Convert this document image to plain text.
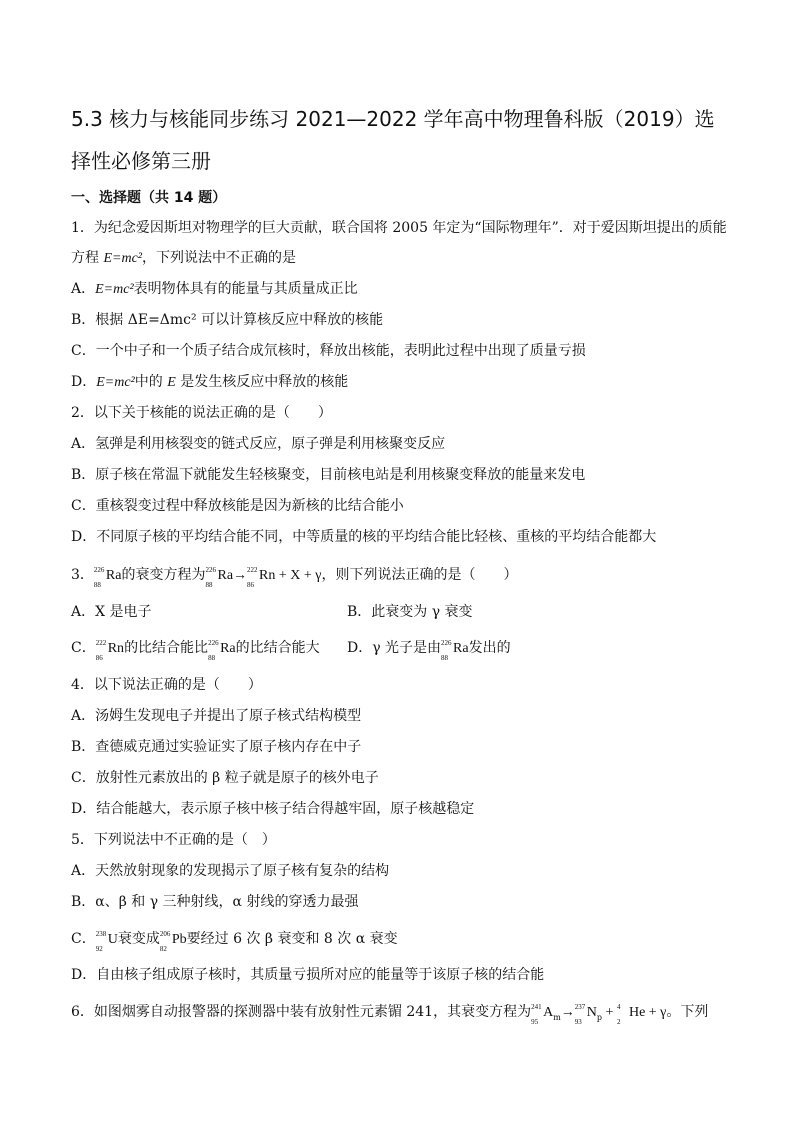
5.3 核力与核能同步练习 2021—2022 学年高中物理鲁科版（2019）选
择性必修第三册
一、选择题（共 14 题）
1．为纪念爱因斯坦对物理学的巨大贡献，联合国将 2005 年定为“国际物理年”．对于爱因斯坦提出的质能
方程 E=mc²，下列说法中不正确的是
A．E=mc²表明物体具有的能量与其质量成正比
B．根据 ΔE=Δmc² 可以计算核反应中释放的核能
C．一个中子和一个质子结合成氘核时，释放出核能，表明此过程中出现了质量亏损
D．E=mc²中的 E 是发生核反应中释放的核能
2．以下关于核能的说法正确的是（　　）
A．氢弹是利用核裂变的链式反应，原子弹是利用核聚变反应
B．原子核在常温下就能发生轻核聚变，目前核电站是利用核聚变释放的能量来发电
C．重核裂变过程中释放核能是因为新核的比结合能小
D．不同原子核的平均结合能不同，中等质量的核的平均结合能比轻核、重核的平均结合能都大
3． 226
88
Ra的衰变方程为 226
88
Ra→ 222
86
Rn + X + γ，则下列说法正确的是（　　）
A．X 是电子	B．此衰变为 γ 衰变
C． 222
86
Rn的比结合能比 226
88
Ra的比结合能大 D．γ 光子是由 226
88
Ra发出的
4．以下说法正确的是（　　）
A．汤姆生发现电子并提出了原子核式结构模型
B．查德威克通过实验证实了原子核内存在中子
C．放射性元素放出的 β 粒子就是原子的核外电子
D．结合能越大，表示原子核中核子结合得越牢固，原子核越稳定
5．下列说法中不正确的是（　）
A．天然放射现象的发现揭示了原子核有复杂的结构
B．α、β 和 γ 三种射线，α 射线的穿透力最强
C． 238
92
U衰变成 206
82
Pb要经过 6 次 β 衰变和 8 次 α 衰变
D．自由核子组成原子核时，其质量亏损所对应的能量等于该原子核的结合能
6．如图烟雾自动报警器的探测器中装有放射性元素镅 241，其衰变方程为 241
95
$A_m\to 237$
93
$N_p + 4$
2
He + γ。下列
